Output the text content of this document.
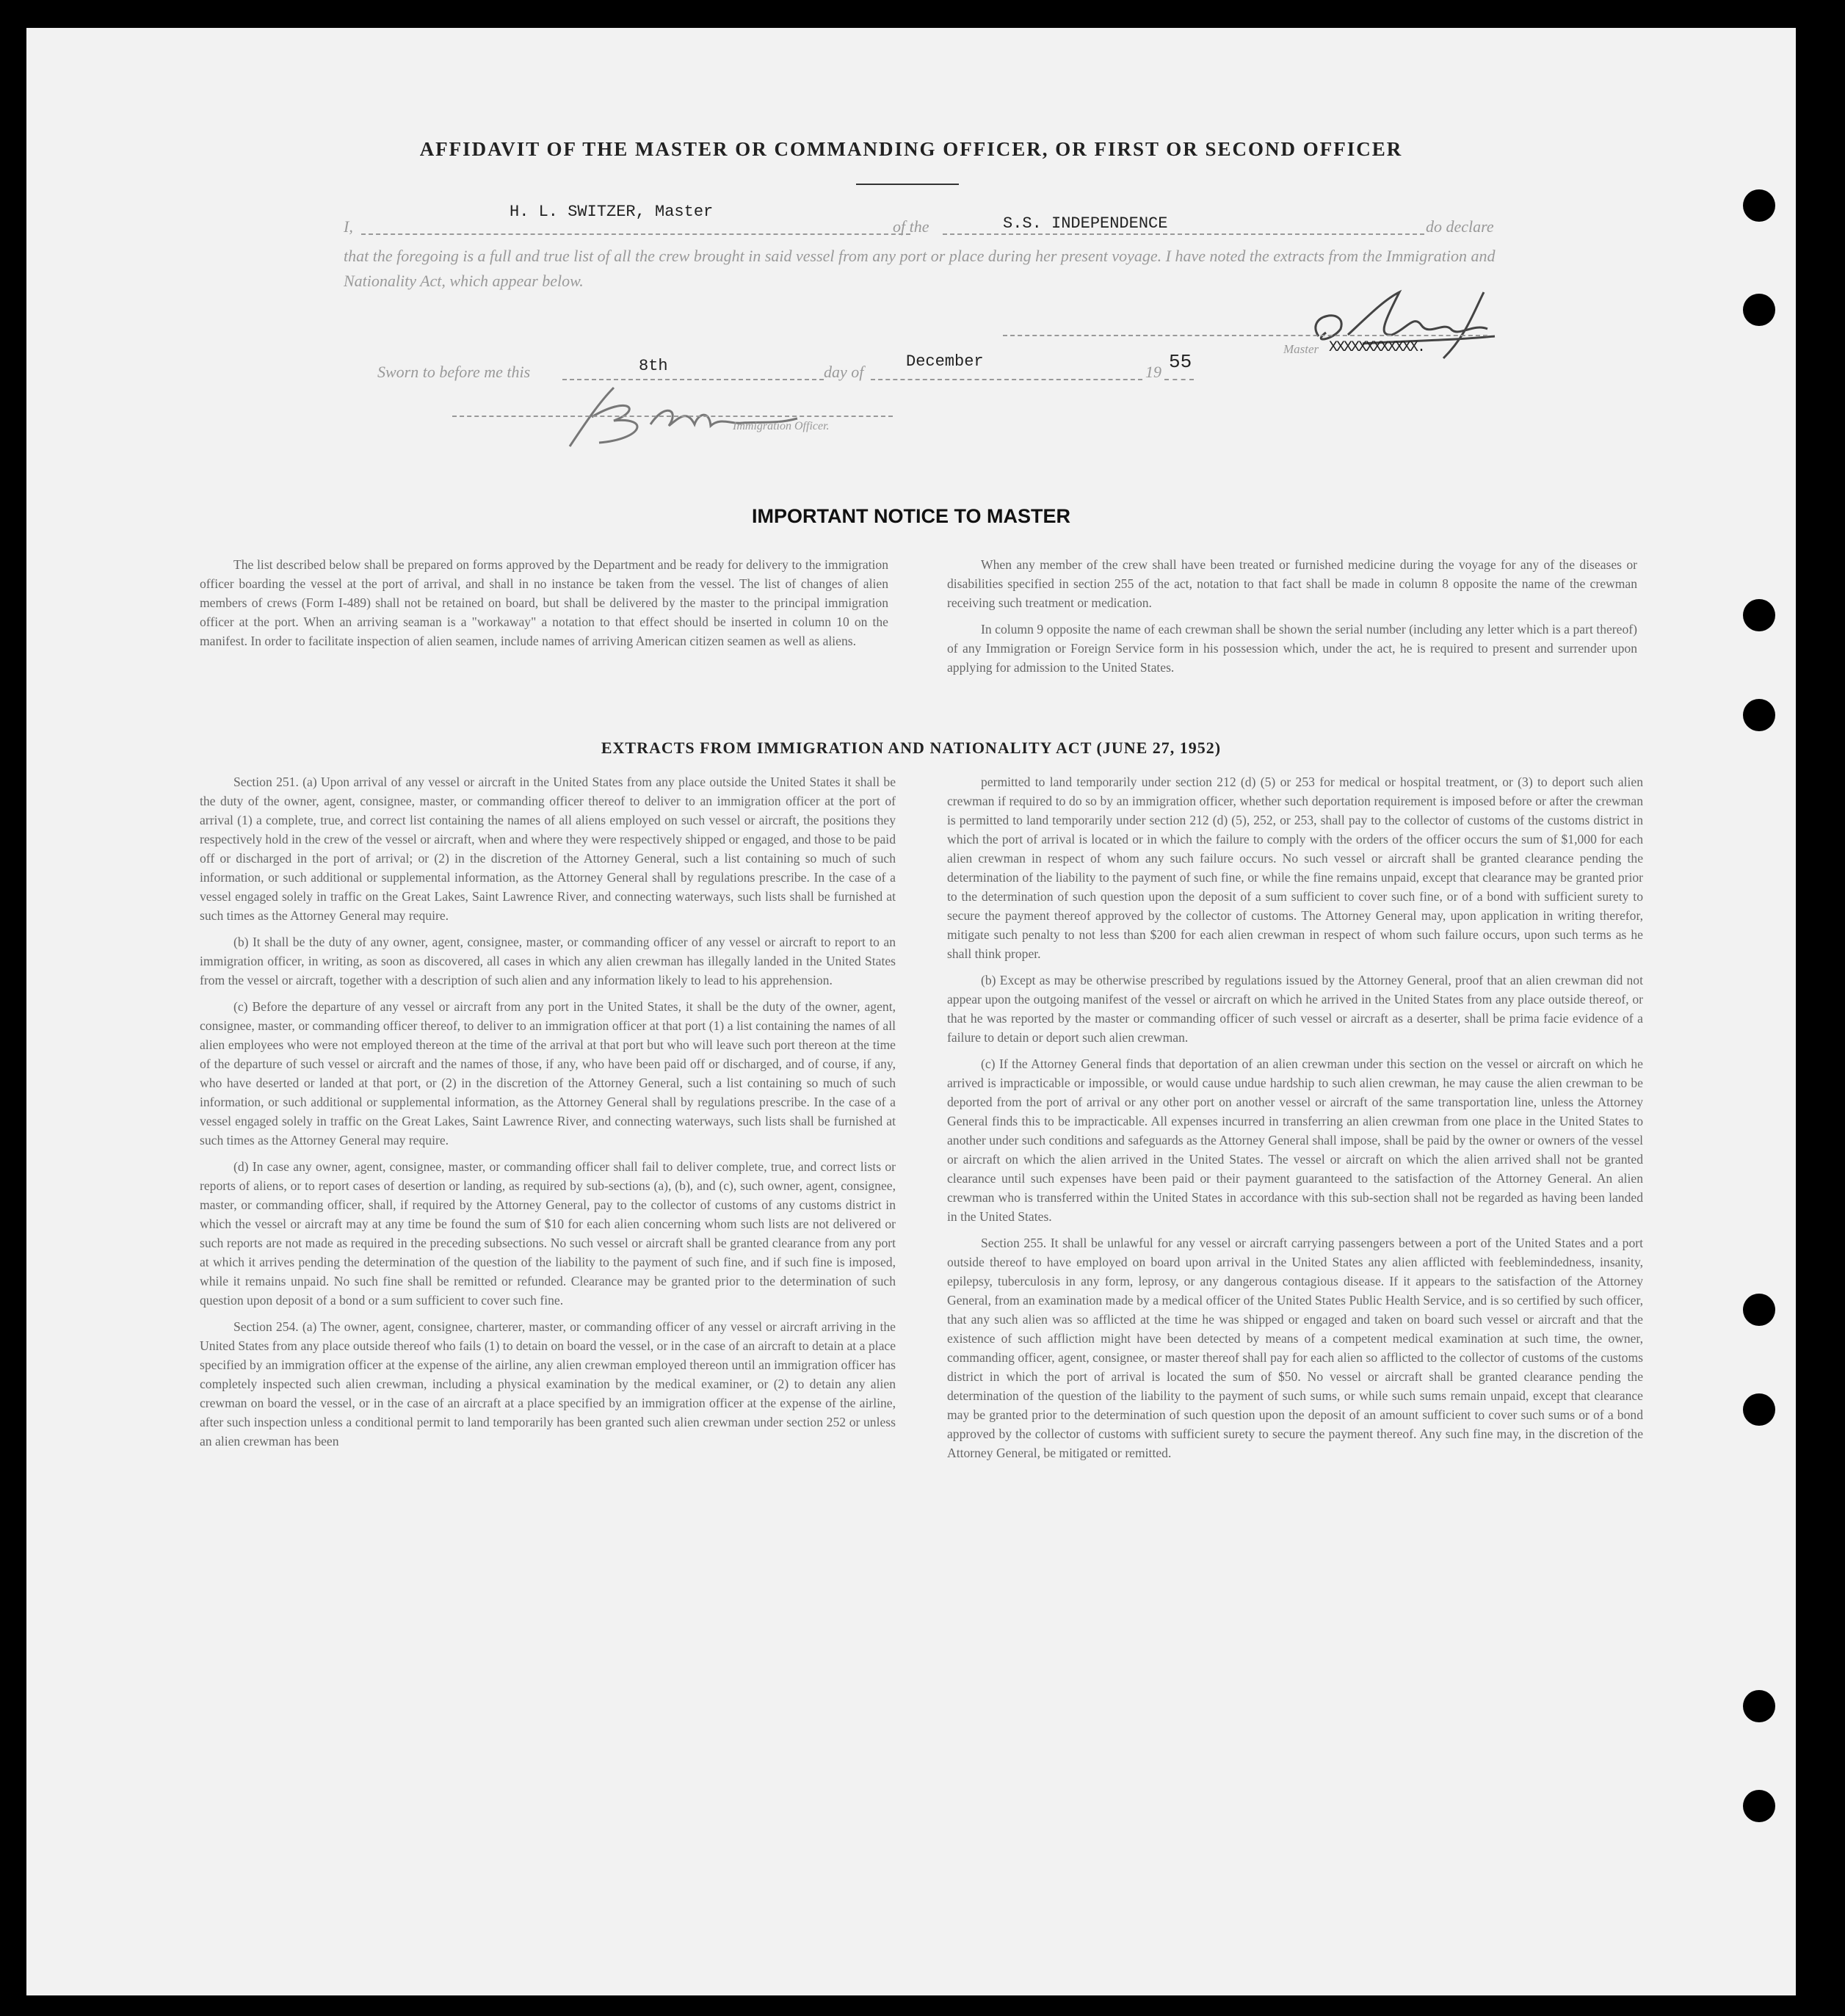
AFFIDAVIT OF THE MASTER OR COMMANDING OFFICER, OR FIRST OR SECOND OFFICER
I,
H. L. SWITZER, Master
of the	S.S. INDEPENDENCE	do declare
that the foregoing is a full and true list of all the crew brought in said vessel from any port or place during her present voyage. I have noted the extracts from the Immigration and Nationality Act, which appear below.
Master XXXXXXXXXXXX.
Sworn to before me this	8th	day of
December
19 55
Immigration Officer.
IMPORTANT NOTICE TO MASTER

The list described below shall be prepared on forms approved by the Department and be ready for delivery to the immigration officer boarding the vessel at the port of arrival, and shall in no instance be taken from the vessel. The list of changes of alien members of crews (Form I-489) shall not be retained on board, but shall be delivered by the master to the principal immigration officer at the port. When an arriving seaman is a "workaway" a notation to that effect should be inserted in column 10 on the manifest. In order to facilitate inspection of alien seamen, include names of arriving American citizen seamen as well as aliens.

When any member of the crew shall have been treated or furnished medicine during the voyage for any of the diseases or disabilities specified in section 255 of the act, notation to that fact shall be made in column 8 opposite the name of the crewman receiving such treatment or medication.

In column 9 opposite the name of each crewman shall be shown the serial number (including any letter which is a part thereof) of any Immigration or Foreign Service form in his possession which, under the act, he is required to present and surrender upon applying for admission to the United States.

EXTRACTS FROM IMMIGRATION AND NATIONALITY ACT (JUNE 27, 1952)

Section 251. (a) Upon arrival of any vessel or aircraft in the United States from any place outside the United States it shall be the duty of the owner, agent, consignee, master, or commanding officer thereof to deliver to an immigration officer at the port of arrival (1) a complete, true, and correct list containing the names of all aliens employed on such vessel or aircraft, the positions they respectively hold in the crew of the vessel or aircraft, when and where they were respectively shipped or engaged, and those to be paid off or discharged in the port of arrival; or (2) in the discretion of the Attorney General, such a list containing so much of such information, or such additional or supplemental information, as the Attorney General shall by regulations prescribe. In the case of a vessel engaged solely in traffic on the Great Lakes, Saint Lawrence River, and connecting waterways, such lists shall be furnished at such times as the Attorney General may require.

(b) It shall be the duty of any owner, agent, consignee, master, or commanding officer of any vessel or aircraft to report to an immigration officer, in writing, as soon as discovered, all cases in which any alien crewman has illegally landed in the United States from the vessel or aircraft, together with a description of such alien and any information likely to lead to his apprehension.

(c) Before the departure of any vessel or aircraft from any port in the United States, it shall be the duty of the owner, agent, consignee, master, or commanding officer thereof, to deliver to an immigration officer at that port (1) a list containing the names of all alien employees who were not employed thereon at the time of the arrival at that port but who will leave such port thereon at the time of the departure of such vessel or aircraft and the names of those, if any, who have been paid off or discharged, and of course, if any, who have deserted or landed at that port, or (2) in the discretion of the Attorney General, such a list containing so much of such information, or such additional or supplemental information, as the Attorney General shall by regulations prescribe. In the case of a vessel engaged solely in traffic on the Great Lakes, Saint Lawrence River, and connecting waterways, such lists shall be furnished at such times as the Attorney General may require.

(d) In case any owner, agent, consignee, master, or commanding officer shall fail to deliver complete, true, and correct lists or reports of aliens, or to report cases of desertion or landing, as required by sub-sections (a), (b), and (c), such owner, agent, consignee, master, or commanding officer, shall, if required by the Attorney General, pay to the collector of customs of any customs district in which the vessel or aircraft may at any time be found the sum of $10 for each alien concerning whom such lists are not delivered or such reports are not made as required in the preceding subsections. No such vessel or aircraft shall be granted clearance from any port at which it arrives pending the determination of the question of the liability to the payment of such fine, and if such fine is imposed, while it remains unpaid. No such fine shall be remitted or refunded. Clearance may be granted prior to the determination of such question upon deposit of a bond or a sum sufficient to cover such fine.

Section 254. (a) The owner, agent, consignee, charterer, master, or commanding officer of any vessel or aircraft arriving in the United States from any place outside thereof who fails (1) to detain on board the vessel, or in the case of an aircraft to detain at a place specified by an immigration officer at the expense of the airline, any alien crewman employed thereon until an immigration officer has completely inspected such alien crewman, including a physical examination by the medical examiner, or (2) to detain any alien crewman on board the vessel, or in the case of an aircraft at a place specified by an immigration officer at the expense of the airline, after such inspection unless a conditional permit to land temporarily has been granted such alien crewman under section 252 or unless an alien crewman has been

permitted to land temporarily under section 212 (d) (5) or 253 for medical or hospital treatment, or (3) to deport such alien crewman if required to do so by an immigration officer, whether such deportation requirement is imposed before or after the crewman is permitted to land temporarily under section 212 (d) (5), 252, or 253, shall pay to the collector of customs of the customs district in which the port of arrival is located or in which the failure to comply with the orders of the officer occurs the sum of $1,000 for each alien crewman in respect of whom any such failure occurs. No such vessel or aircraft shall be granted clearance pending the determination of the liability to the payment of such fine, or while the fine remains unpaid, except that clearance may be granted prior to the determination of such question upon the deposit of a sum sufficient to cover such fine, or of a bond with sufficient surety to secure the payment thereof approved by the collector of customs. The Attorney General may, upon application in writing therefor, mitigate such penalty to not less than $200 for each alien crewman in respect of whom such failure occurs, upon such terms as he shall think proper.

(b) Except as may be otherwise prescribed by regulations issued by the Attorney General, proof that an alien crewman did not appear upon the outgoing manifest of the vessel or aircraft on which he arrived in the United States from any place outside thereof, or that he was reported by the master or commanding officer of such vessel or aircraft as a deserter, shall be prima facie evidence of a failure to detain or deport such alien crewman.

(c) If the Attorney General finds that deportation of an alien crewman under this section on the vessel or aircraft on which he arrived is impracticable or impossible, or would cause undue hardship to such alien crewman, he may cause the alien crewman to be deported from the port of arrival or any other port on another vessel or aircraft of the same transportation line, unless the Attorney General finds this to be impracticable. All expenses incurred in transferring an alien crewman from one place in the United States to another under such conditions and safeguards as the Attorney General shall impose, shall be paid by the owner or owners of the vessel or aircraft on which the alien arrived in the United States. The vessel or aircraft on which the alien arrived shall not be granted clearance until such expenses have been paid or their payment guaranteed to the satisfaction of the Attorney General. An alien crewman who is transferred within the United States in accordance with this sub-section shall not be regarded as having been landed in the United States.

Section 255. It shall be unlawful for any vessel or aircraft carrying passengers between a port of the United States and a port outside thereof to have employed on board upon arrival in the United States any alien afflicted with feeblemindedness, insanity, epilepsy, tuberculosis in any form, leprosy, or any dangerous contagious disease. If it appears to the satisfaction of the Attorney General, from an examination made by a medical officer of the United States Public Health Service, and is so certified by such officer, that any such alien was so afflicted at the time he was shipped or engaged and taken on board such vessel or aircraft and that the existence of such affliction might have been detected by means of a competent medical examination at such time, the owner, commanding officer, agent, consignee, or master thereof shall pay for each alien so afflicted to the collector of customs of the customs district in which the port of arrival is located the sum of $50. No vessel or aircraft shall be granted clearance pending the determination of the question of the liability to the payment of such sums, or while such sums remain unpaid, except that clearance may be granted prior to the determination of such question upon the deposit of an amount sufficient to cover such sums or of a bond approved by the collector of customs with sufficient surety to secure the payment thereof. Any such fine may, in the discretion of the Attorney General, be mitigated or remitted.
